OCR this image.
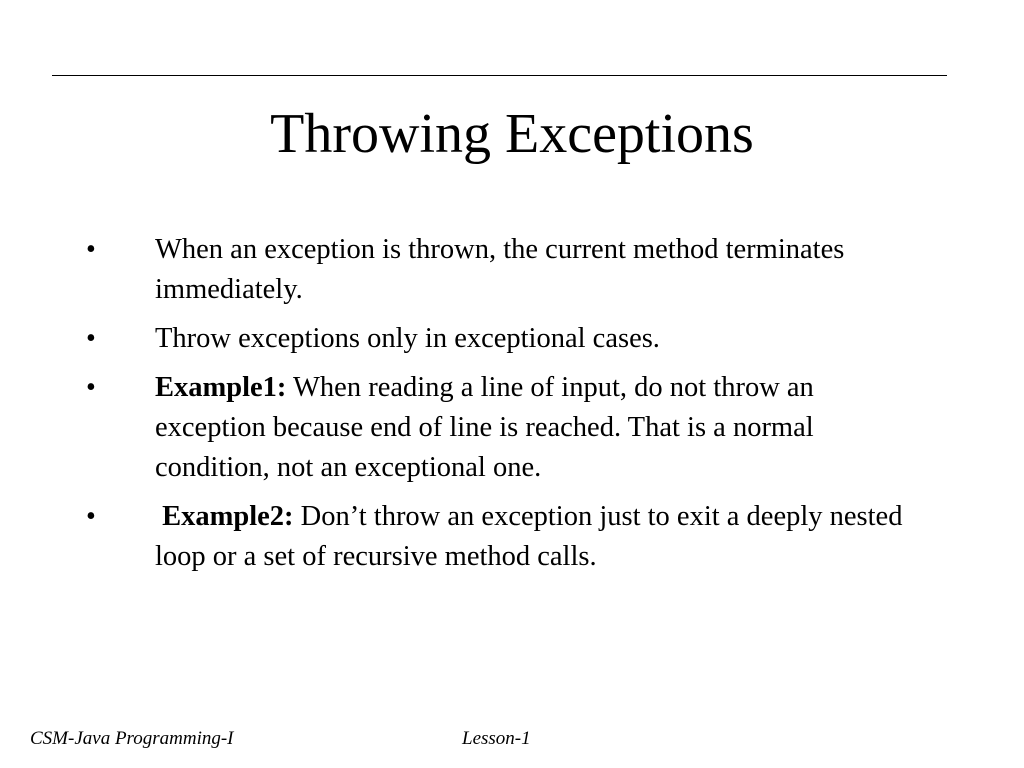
Throwing Exceptions
• When an exception is thrown, the current method terminates immediately.
• Throw exceptions only in exceptional cases.
• Example1: When reading a line of input, do not throw an exception because end of line is reached. That is a normal condition, not an exceptional one.
• Example2: Don’t throw an exception just to exit a deeply nested loop or a set of recursive method calls.
CSM-Java Programming-I	Lesson-1
